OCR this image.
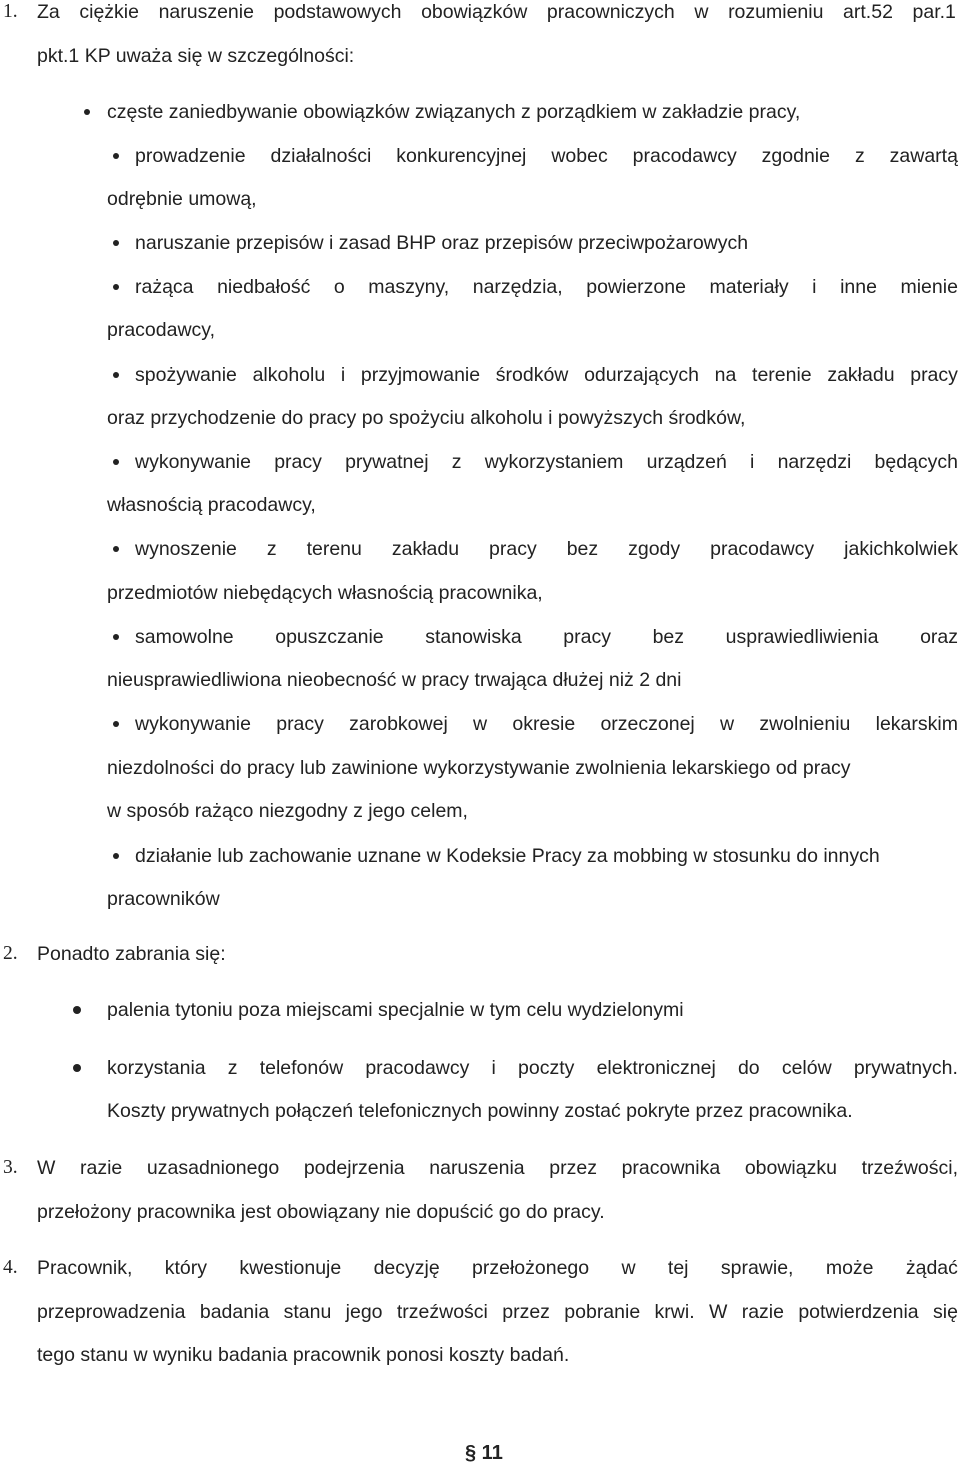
1. Za ciężkie naruszenie podstawowych obowiązków pracowniczych w rozumieniu art.52 par.1
pkt.1 KP uważa się w szczególności:
częste zaniedbywanie obowiązków związanych z porządkiem w zakładzie pracy,
prowadzenie działalności konkurencyjnej wobec pracodawcy zgodnie z zawartą
odrębnie umową,
naruszanie przepisów i zasad BHP oraz przepisów przeciwpożarowych
rażąca niedbałość o maszyny, narzędzia, powierzone materiały i inne mienie
pracodawcy,
spożywanie alkoholu i przyjmowanie środków odurzających na terenie zakładu pracy
oraz przychodzenie do pracy po spożyciu alkoholu i powyższych środków,
wykonywanie pracy prywatnej z wykorzystaniem urządzeń i narzędzi będących
własnością pracodawcy,
wynoszenie z terenu zakładu pracy bez zgody pracodawcy jakichkolwiek
przedmiotów niebędących własnością pracownika,
samowolne opuszczanie stanowiska pracy bez usprawiedliwienia oraz
nieusprawiedliwiona nieobecność w pracy trwająca dłużej niż 2 dni
wykonywanie pracy zarobkowej w okresie orzeczonej w zwolnieniu lekarskim
niezdolności do pracy lub zawinione wykorzystywanie zwolnienia lekarskiego od pracy
w sposób rażąco niezgodny z jego celem,
działanie lub zachowanie uznane w Kodeksie Pracy za mobbing w stosunku do innych
pracowników
2. Ponadto zabrania się:
palenia tytoniu poza miejscami specjalnie w tym celu wydzielonymi
korzystania z telefonów pracodawcy i poczty elektronicznej do celów prywatnych.
Koszty prywatnych połączeń telefonicznych powinny zostać pokryte przez pracownika.
3. W razie uzasadnionego podejrzenia naruszenia przez pracownika obowiązku trzeźwości,
przełożony pracownika jest obowiązany nie dopuścić go do pracy.
4. Pracownik, który kwestionuje decyzję przełożonego w tej sprawie, może żądać
przeprowadzenia badania stanu jego trzeźwości przez pobranie krwi. W razie potwierdzenia się
tego stanu w wyniku badania pracownik ponosi koszty badań.
§ 11
